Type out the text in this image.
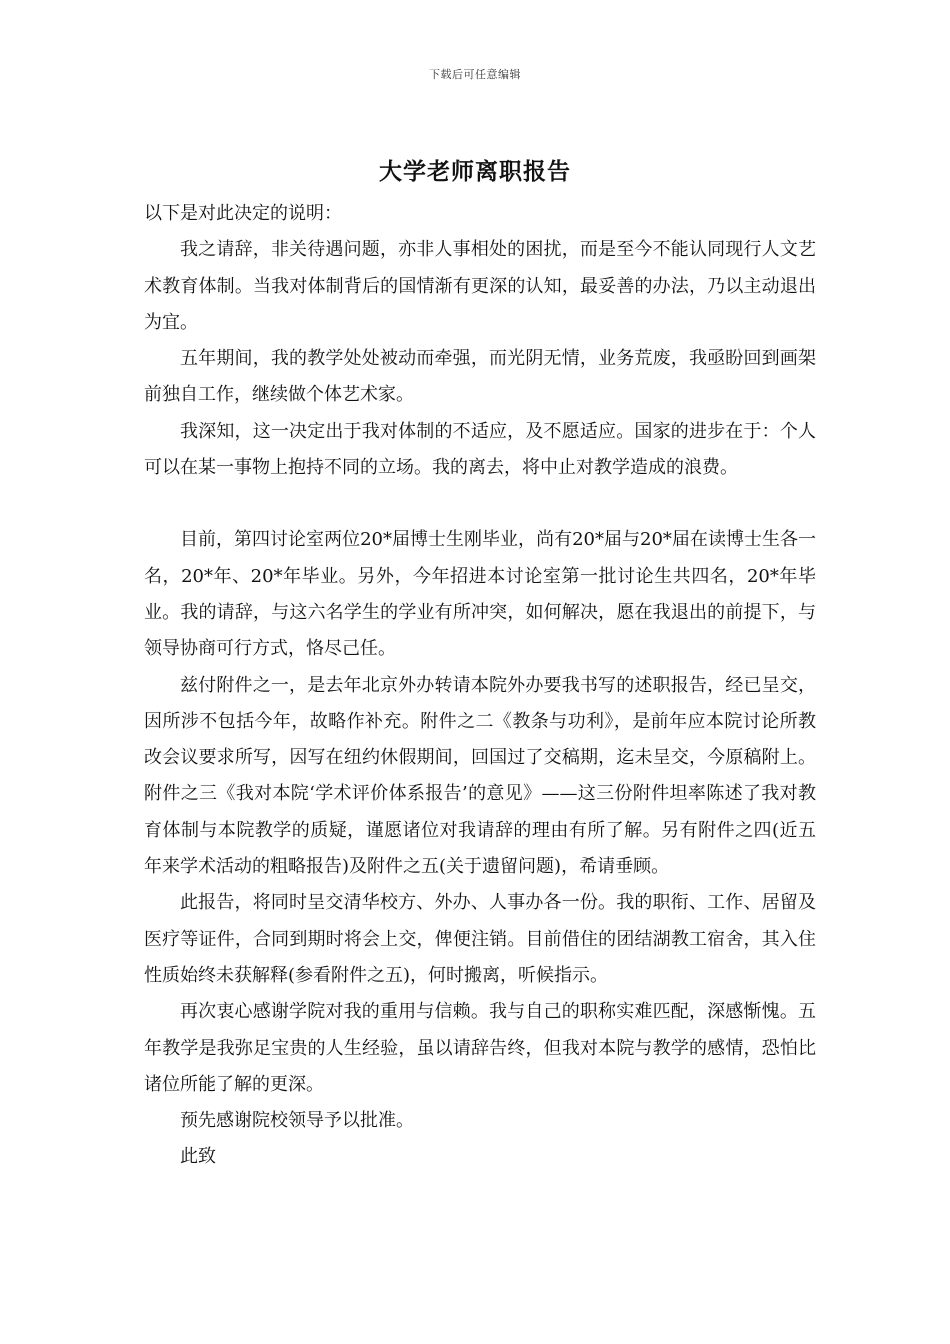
下载后可任意编辑
大学老师离职报告

以下是对此决定的说明：

我之请辞，非关待遇问题，亦非人事相处的困扰，而是至今不能认同现行人文艺术教育体制。当我对体制背后的国情渐有更深的认知，最妥善的办法，乃以主动退出为宜。

五年期间，我的教学处处被动而牵强，而光阴无情，业务荒废，我亟盼回到画架前独自工作，继续做个体艺术家。

我深知，这一决定出于我对体制的不适应，及不愿适应。国家的进步在于：个人可以在某一事物上抱持不同的立场。我的离去，将中止对教学造成的浪费。

目前，第四讨论室两位20*届博士生刚毕业，尚有20*届与20*届在读博士生各一名，20*年、20*年毕业。另外，今年招进本讨论室第一批讨论生共四名，20*年毕业。我的请辞，与这六名学生的学业有所冲突，如何解决，愿在我退出的前提下，与领导协商可行方式，恪尽己任。

兹付附件之一，是去年北京外办转请本院外办要我书写的述职报告，经已呈交，因所涉不包括今年，故略作补充。附件之二《教条与功利》，是前年应本院讨论所教改会议要求所写，因写在纽约休假期间，回国过了交稿期，迄未呈交，今原稿附上。附件之三《我对本院‘学术评价体系报告’的意见》——这三份附件坦率陈述了我对教育体制与本院教学的质疑，谨愿诸位对我请辞的理由有所了解。另有附件之四(近五年来学术活动的粗略报告)及附件之五(关于遗留问题)，希请垂顾。

此报告，将同时呈交清华校方、外办、人事办各一份。我的职衔、工作、居留及医疗等证件，合同到期时将会上交，俾便注销。目前借住的团结湖教工宿舍，其入住性质始终未获解释(参看附件之五)，何时搬离，听候指示。

再次衷心感谢学院对我的重用与信赖。我与自己的职称实难匹配，深感惭愧。五年教学是我弥足宝贵的人生经验，虽以请辞告终，但我对本院与教学的感情，恐怕比诸位所能了解的更深。

预先感谢院校领导予以批准。

此致
